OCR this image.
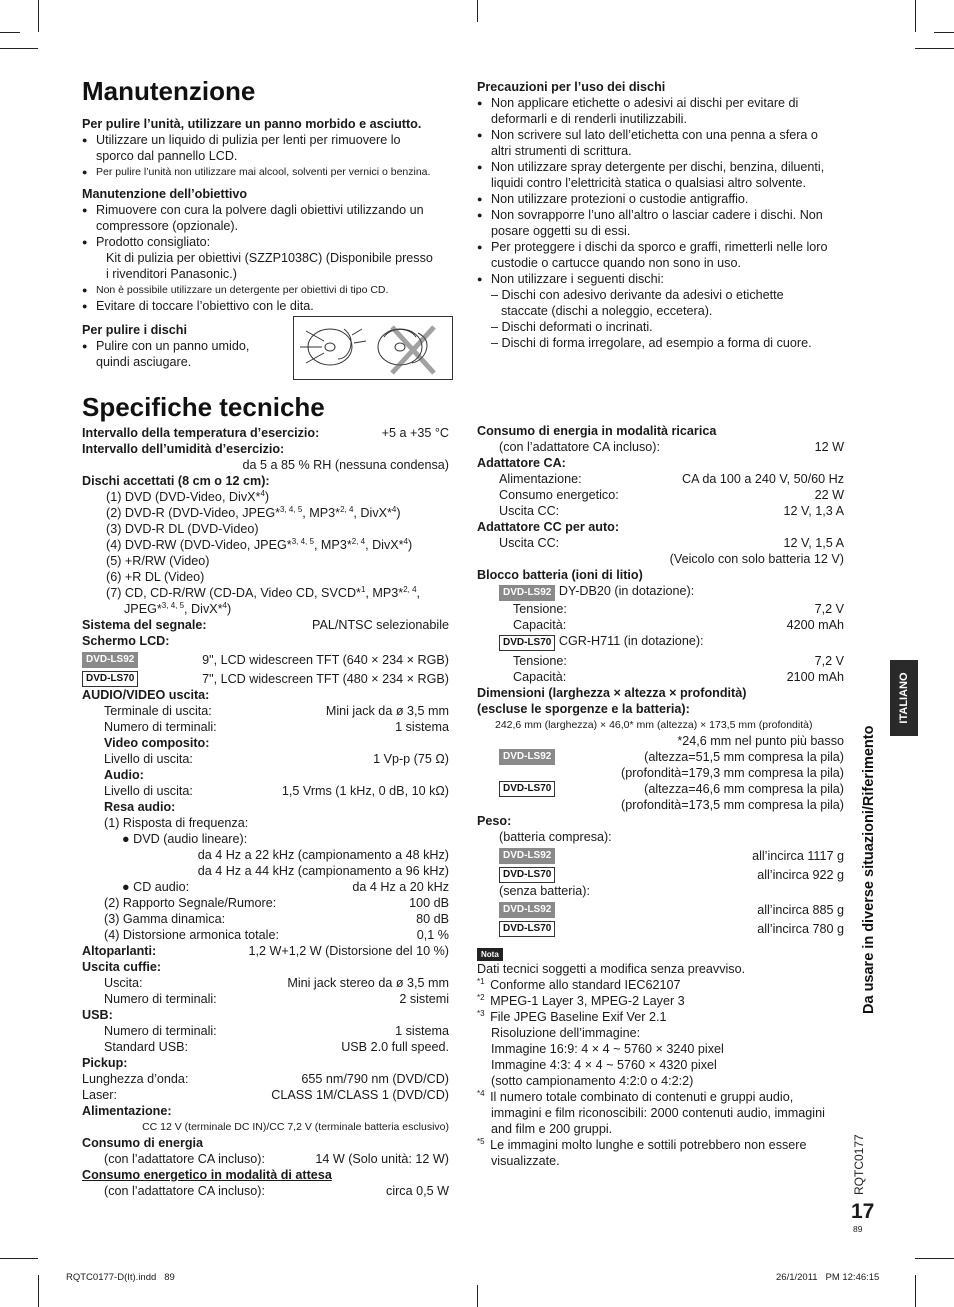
Manutenzione
Per pulire l’unità, utilizzare un panno morbido e asciutto.
● Utilizzare un liquido di pulizia per lenti per rimuovere lo
sporco dal pannello LCD.
● Per pulire l’unità non utilizzare mai alcool, solventi per vernici o benzina.
Manutenzione dell’obiettivo
● Rimuovere con cura la polvere dagli obiettivi utilizzando un
compressore (opzionale).
● Prodotto consigliato:
Kit di pulizia per obiettivi (SZZP1038C) (Disponibile presso
i rivenditori Panasonic.)
● Non è possibile utilizzare un detergente per obiettivi di tipo CD.
● Evitare di toccare l’obiettivo con le dita.
Per pulire i dischi
● Pulire con un panno umido,
quindi asciugare.
Precauzioni per l’uso dei dischi
● Non applicare etichette o adesivi ai dischi per evitare di
deformarli e di renderli inutilizzabili.
● Non scrivere sul lato dell’etichetta con una penna a sfera o
altri strumenti di scrittura.
● Non utilizzare spray detergente per dischi, benzina, diluenti,
liquidi contro l’elettricità statica o qualsiasi altro solvente.
● Non utilizzare protezioni o custodie antigraffio.
● Non sovrapporre l’uno all’altro o lasciar cadere i dischi. Non
posare oggetti su di essi.
● Per proteggere i dischi da sporco e graffi, rimetterli nelle loro
custodie o cartucce quando non sono in uso.
● Non utilizzare i seguenti dischi:
– Dischi con adesivo derivante da adesivi o etichette
staccate (dischi a noleggio, eccetera).
– Dischi deformati o incrinati.
– Dischi di forma irregolare, ad esempio a forma di cuore.
Specifiche tecniche
Intervallo della temperatura d’esercizio:	+5 a +35 °C
Intervallo dell’umidità d’esercizio:
da 5 a 85 % RH (nessuna condensa)
Dischi accettati (8 cm o 12 cm):
(1) DVD (DVD-Video, DivX*$^4$)
(2) DVD-R (DVD-Video, JPEG*$^{3, 4, 5}$, MP3*$^{2, 4}$, DivX*$^4$)
(3) DVD-R DL (DVD-Video)
(4) DVD-RW (DVD-Video, JPEG*$^{3, 4, 5}$, MP3*$^{2, 4}$, DivX*$^4$)
(5) +R/RW (Video)
(6) +R DL (Video)
(7) CD, CD-R/RW (CD-DA, Video CD, SVCD*$^1$, MP3*$^{2, 4}$,
JPEG*$^{3, 4, 5}$, DivX*$^4$)
Sistema del segnale:	PAL/NTSC selezionabile
Schermo LCD:
DVD-LS92	9", LCD widescreen TFT (640 × 234 × RGB)
DVD-LS70	7", LCD widescreen TFT (480 × 234 × RGB)
AUDIO/VIDEO uscita:
Terminale di uscita:	Mini jack da ø 3,5 mm
Numero di terminali:	1 sistema
Video composito:
Livello di uscita:	1 Vp-p (75 Ω)
Audio:
Livello di uscita:	1,5 Vrms (1 kHz, 0 dB, 10 kΩ)
Resa audio:
(1) Risposta di frequenza:
● DVD (audio lineare):
da 4 Hz a 22 kHz (campionamento a 48 kHz)
da 4 Hz a 44 kHz (campionamento a 96 kHz)
● CD audio:	da 4 Hz a 20 kHz
(2) Rapporto Segnale/Rumore:	100 dB
(3) Gamma dinamica:	80 dB
(4) Distorsione armonica totale:	0,1 %
Altoparlanti:	1,2 W+1,2 W (Distorsione del 10 %)
Uscita cuffie:
Uscita:	Mini jack stereo da ø 3,5 mm
Numero di terminali:	2 sistemi
USB:
Numero di terminali:	1 sistema
Standard USB:	USB 2.0 full speed.
Pickup:
Lunghezza d’onda:	655 nm/790 nm (DVD/CD)
Laser:	CLASS 1M/CLASS 1 (DVD/CD)
Alimentazione:
CC 12 V (terminale DC IN)/CC 7,2 V (terminale batteria esclusivo)
Consumo di energia
(con l’adattatore CA incluso):	14 W (Solo unità: 12 W)
Consumo energetico in modalità di attesa
(con l’adattatore CA incluso):	circa 0,5 W
Consumo di energia in modalità ricarica
(con l’adattatore CA incluso):	12 W
Adattatore CA:
Alimentazione:	CA da 100 a 240 V, 50/60 Hz
Consumo energetico:	22 W
Uscita CC:	12 V, 1,3 A
Adattatore CC per auto:
Uscita CC:	12 V, 1,5 A
(Veicolo con solo batteria 12 V)
Blocco batteria (ioni di litio)
DVD-LS92 DY-DB20 (in dotazione):
Tensione:	7,2 V
Capacità:	4200 mAh
DVD-LS70 CGR-H711 (in dotazione):
Tensione:	7,2 V
Capacità:	2100 mAh
Dimensioni (larghezza × altezza × profondità)
(escluse le sporgenze e la batteria):
242,6 mm (larghezza) × 46,0* mm (altezza) × 173,5 mm (profondità)
*24,6 mm nel punto più basso
DVD-LS92	(altezza=51,5 mm compresa la pila)
(profondità=179,3 mm compresa la pila)
DVD-LS70	(altezza=46,6 mm compresa la pila)
(profondità=173,5 mm compresa la pila)
Peso:
(batteria compresa):
DVD-LS92	all’incirca 1117 g
DVD-LS70	all’incirca 922 g
(senza batteria):
DVD-LS92	all’incirca 885 g
DVD-LS70	all’incirca 780 g
Nota
Dati tecnici soggetti a modifica senza preavviso.
$^{*1}$ Conforme allo standard IEC62107
$^{*2}$ MPEG-1 Layer 3, MPEG-2 Layer 3
$^{*3}$ File JPEG Baseline Exif Ver 2.1
Risoluzione dell’immagine:
Immagine 16:9: 4 × 4 ~ 5760 × 3240 pixel
Immagine 4:3: 4 × 4 ~ 5760 × 4320 pixel
(sotto campionamento 4:2:0 o 4:2:2)
$^{*4}$ Il numero totale combinato di contenuti e gruppi audio,
immagini e film riconoscibili: 2000 contenuti audio, immagini
and film e 200 gruppi.
$^{*5}$ Le immagini molto lunghe e sottili potrebbero non essere
visualizzate.
ITALIANO
Da usare in diverse situazioni/Riferimento
RQTC0177
17
89
RQTC0177-D(It).indd   89	26/1/2011   PM 12:46:15
